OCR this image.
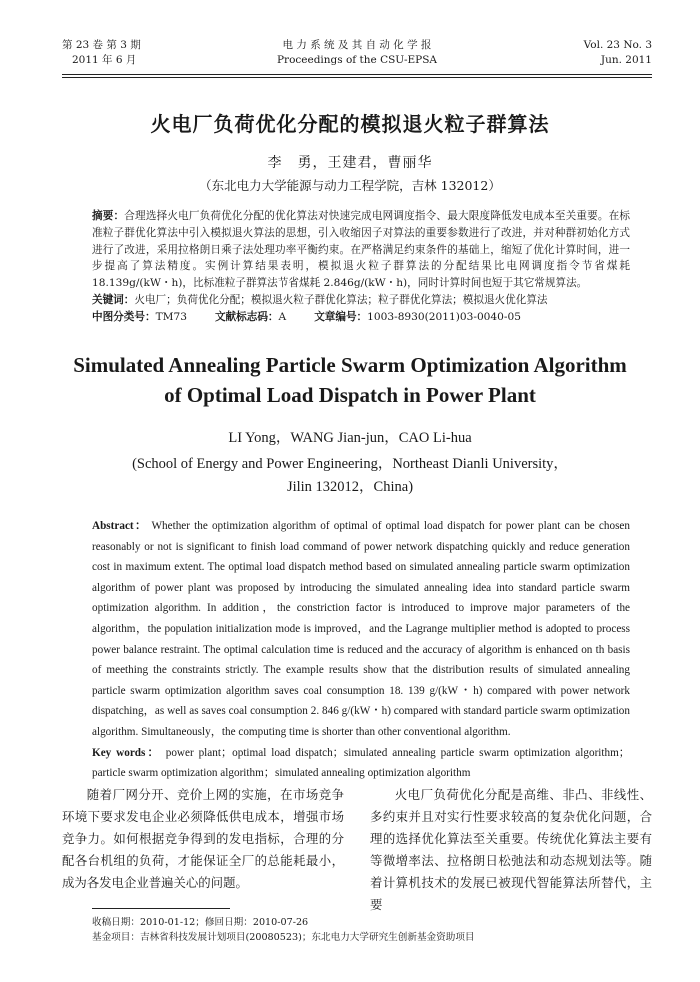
第 23 卷 第 3 期
2011 年 6 月
电 力 系 统 及 其 自 动 化 学 报
Proceedings of the CSU-EPSA
Vol. 23 No. 3
Jun. 2011
火电厂负荷优化分配的模拟退火粒子群算法
李　勇，王建君，曹丽华
（东北电力大学能源与动力工程学院，吉林 132012）

摘要：合理选择火电厂负荷优化分配的优化算法对快速完成电网调度指令、最大限度降低发电成本至关重要。在标准粒子群优化算法中引入模拟退火算法的思想，引入收缩因子对算法的重要参数进行了改进，并对种群初始化方式进行了改进，采用拉格朗日乘子法处理功率平衡约束。在严格满足约束条件的基础上，缩短了优化计算时间，进一步提高了算法精度。实例计算结果表明，模拟退火粒子群算法的分配结果比电网调度指令节省煤耗 18.139g/(kW・h)，比标准粒子群算法节省煤耗 2.846g/(kW・h)，同时计算时间也短于其它常规算法。

关键词：火电厂；负荷优化分配；模拟退火粒子群优化算法；粒子群优化算法；模拟退火优化算法

中图分类号：TM73	文献标志码：A	文章编号：1003-8930(2011)03-0040-05

Simulated Annealing Particle Swarm Optimization Algorithm
of Optimal Load Dispatch in Power Plant
LI Yong，WANG Jian-jun，CAO Li-hua
(School of Energy and Power Engineering，Northeast Dianli University，
Jilin 132012，China)

Abstract： Whether the optimization algorithm of optimal of optimal load dispatch for power plant can be chosen reasonably or not is significant to finish load command of power network dispatching quickly and reduce generation cost in maximum extent. The optimal load dispatch method based on simulated annealing particle swarm optimization algorithm of power plant was proposed by introducing the simulated annealing idea into standard particle swarm optimization algorithm. In addition，the constriction factor is introduced to improve major parameters of the algorithm，the population initialization mode is improved，and the Lagrange multiplier method is adopted to process power balance restraint. The optimal calculation time is reduced and the accuracy of algorithm is enhanced on th basis of meething the constraints strictly. The example results show that the distribution results of simulated annealing particle swarm optimization algorithm saves coal consumption 18. 139 g/(kW・h) compared with power network dispatching，as well as saves coal consumption 2. 846 g/(kW・h) compared with standard particle swarm optimization algorithm. Simultaneously，the computing time is shorter than other conventional algorithm.

Key words： power plant；optimal load dispatch；simulated annealing particle swarm optimization algorithm；particle swarm optimization algorithm；simulated annealing optimization algorithm

随着厂网分开、竞价上网的实施，在市场竞争环境下要求发电企业必须降低供电成本，增强市场竞争力。如何根据竞争得到的发电指标，合理的分配各台机组的负荷，才能保证全厂的总能耗最小，成为各发电企业普遍关心的问题。

火电厂负荷优化分配是高维、非凸、非线性、多约束并且对实行性要求较高的复杂优化问题，合理的选择优化算法至关重要。传统优化算法主要有等微增率法、拉格朗日松弛法和动态规划法等。随着计算机技术的发展已被现代智能算法所替代，主要

收稿日期：2010-01-12；修回日期：2010-07-26
基金项目：吉林省科技发展计划项目(20080523)；东北电力大学研究生创新基金资助项目
